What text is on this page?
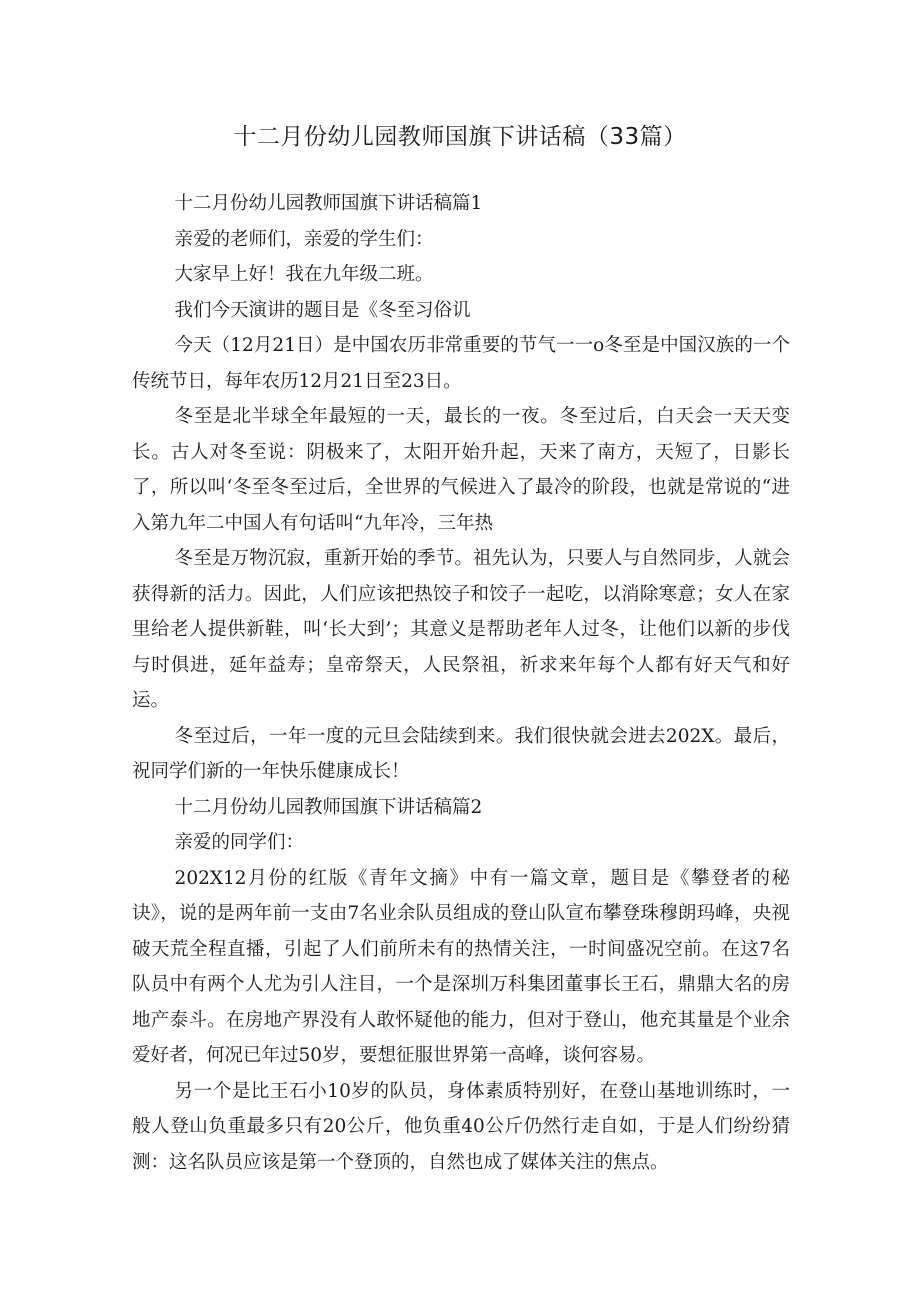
十二月份幼儿园教师国旗下讲话稿（33篇）

十二月份幼儿园教师国旗下讲话稿篇1

亲爱的老师们，亲爱的学生们：

大家早上好！我在九年级二班。

我们今天演讲的题目是《冬至习俗讥

今天（12月21日）是中国农历非常重要的节气一一o冬至是中国汉族的一个传统节日，每年农历12月21日至23日。

冬至是北半球全年最短的一天，最长的一夜。冬至过后，白天会一天天变长。古人对冬至说：阴极来了，太阳开始升起，天来了南方，天短了，日影长了，所以叫‘冬至冬至过后，全世界的气候进入了最冷的阶段，也就是常说的“进入第九年二中国人有句话叫“九年冷，三年热

冬至是万物沉寂，重新开始的季节。祖先认为，只要人与自然同步，人就会获得新的活力。因此，人们应该把热饺子和饺子一起吃，以消除寒意；女人在家里给老人提供新鞋，叫‘长大到’；其意义是帮助老年人过冬，让他们以新的步伐与时俱进，延年益寿；皇帝祭天，人民祭祖，祈求来年每个人都有好天气和好运。

冬至过后，一年一度的元旦会陆续到来。我们很快就会进去202X。最后，祝同学们新的一年快乐健康成长！

十二月份幼儿园教师国旗下讲话稿篇2

亲爱的同学们：

202X12月份的红版《青年文摘》中有一篇文章，题目是《攀登者的秘诀》，说的是两年前一支由7名业余队员组成的登山队宣布攀登珠穆朗玛峰，央视破天荒全程直播，引起了人们前所未有的热情关注，一时间盛况空前。在这7名队员中有两个人尤为引人注目，一个是深圳万科集团董事长王石，鼎鼎大名的房地产泰斗。在房地产界没有人敢怀疑他的能力，但对于登山，他充其量是个业余爱好者，何况已年过50岁，要想征服世界第一高峰，谈何容易。

另一个是比王石小10岁的队员，身体素质特别好，在登山基地训练时，一般人登山负重最多只有20公斤，他负重40公斤仍然行走自如，于是人们纷纷猜测：这名队员应该是第一个登顶的，自然也成了媒体关注的焦点。
